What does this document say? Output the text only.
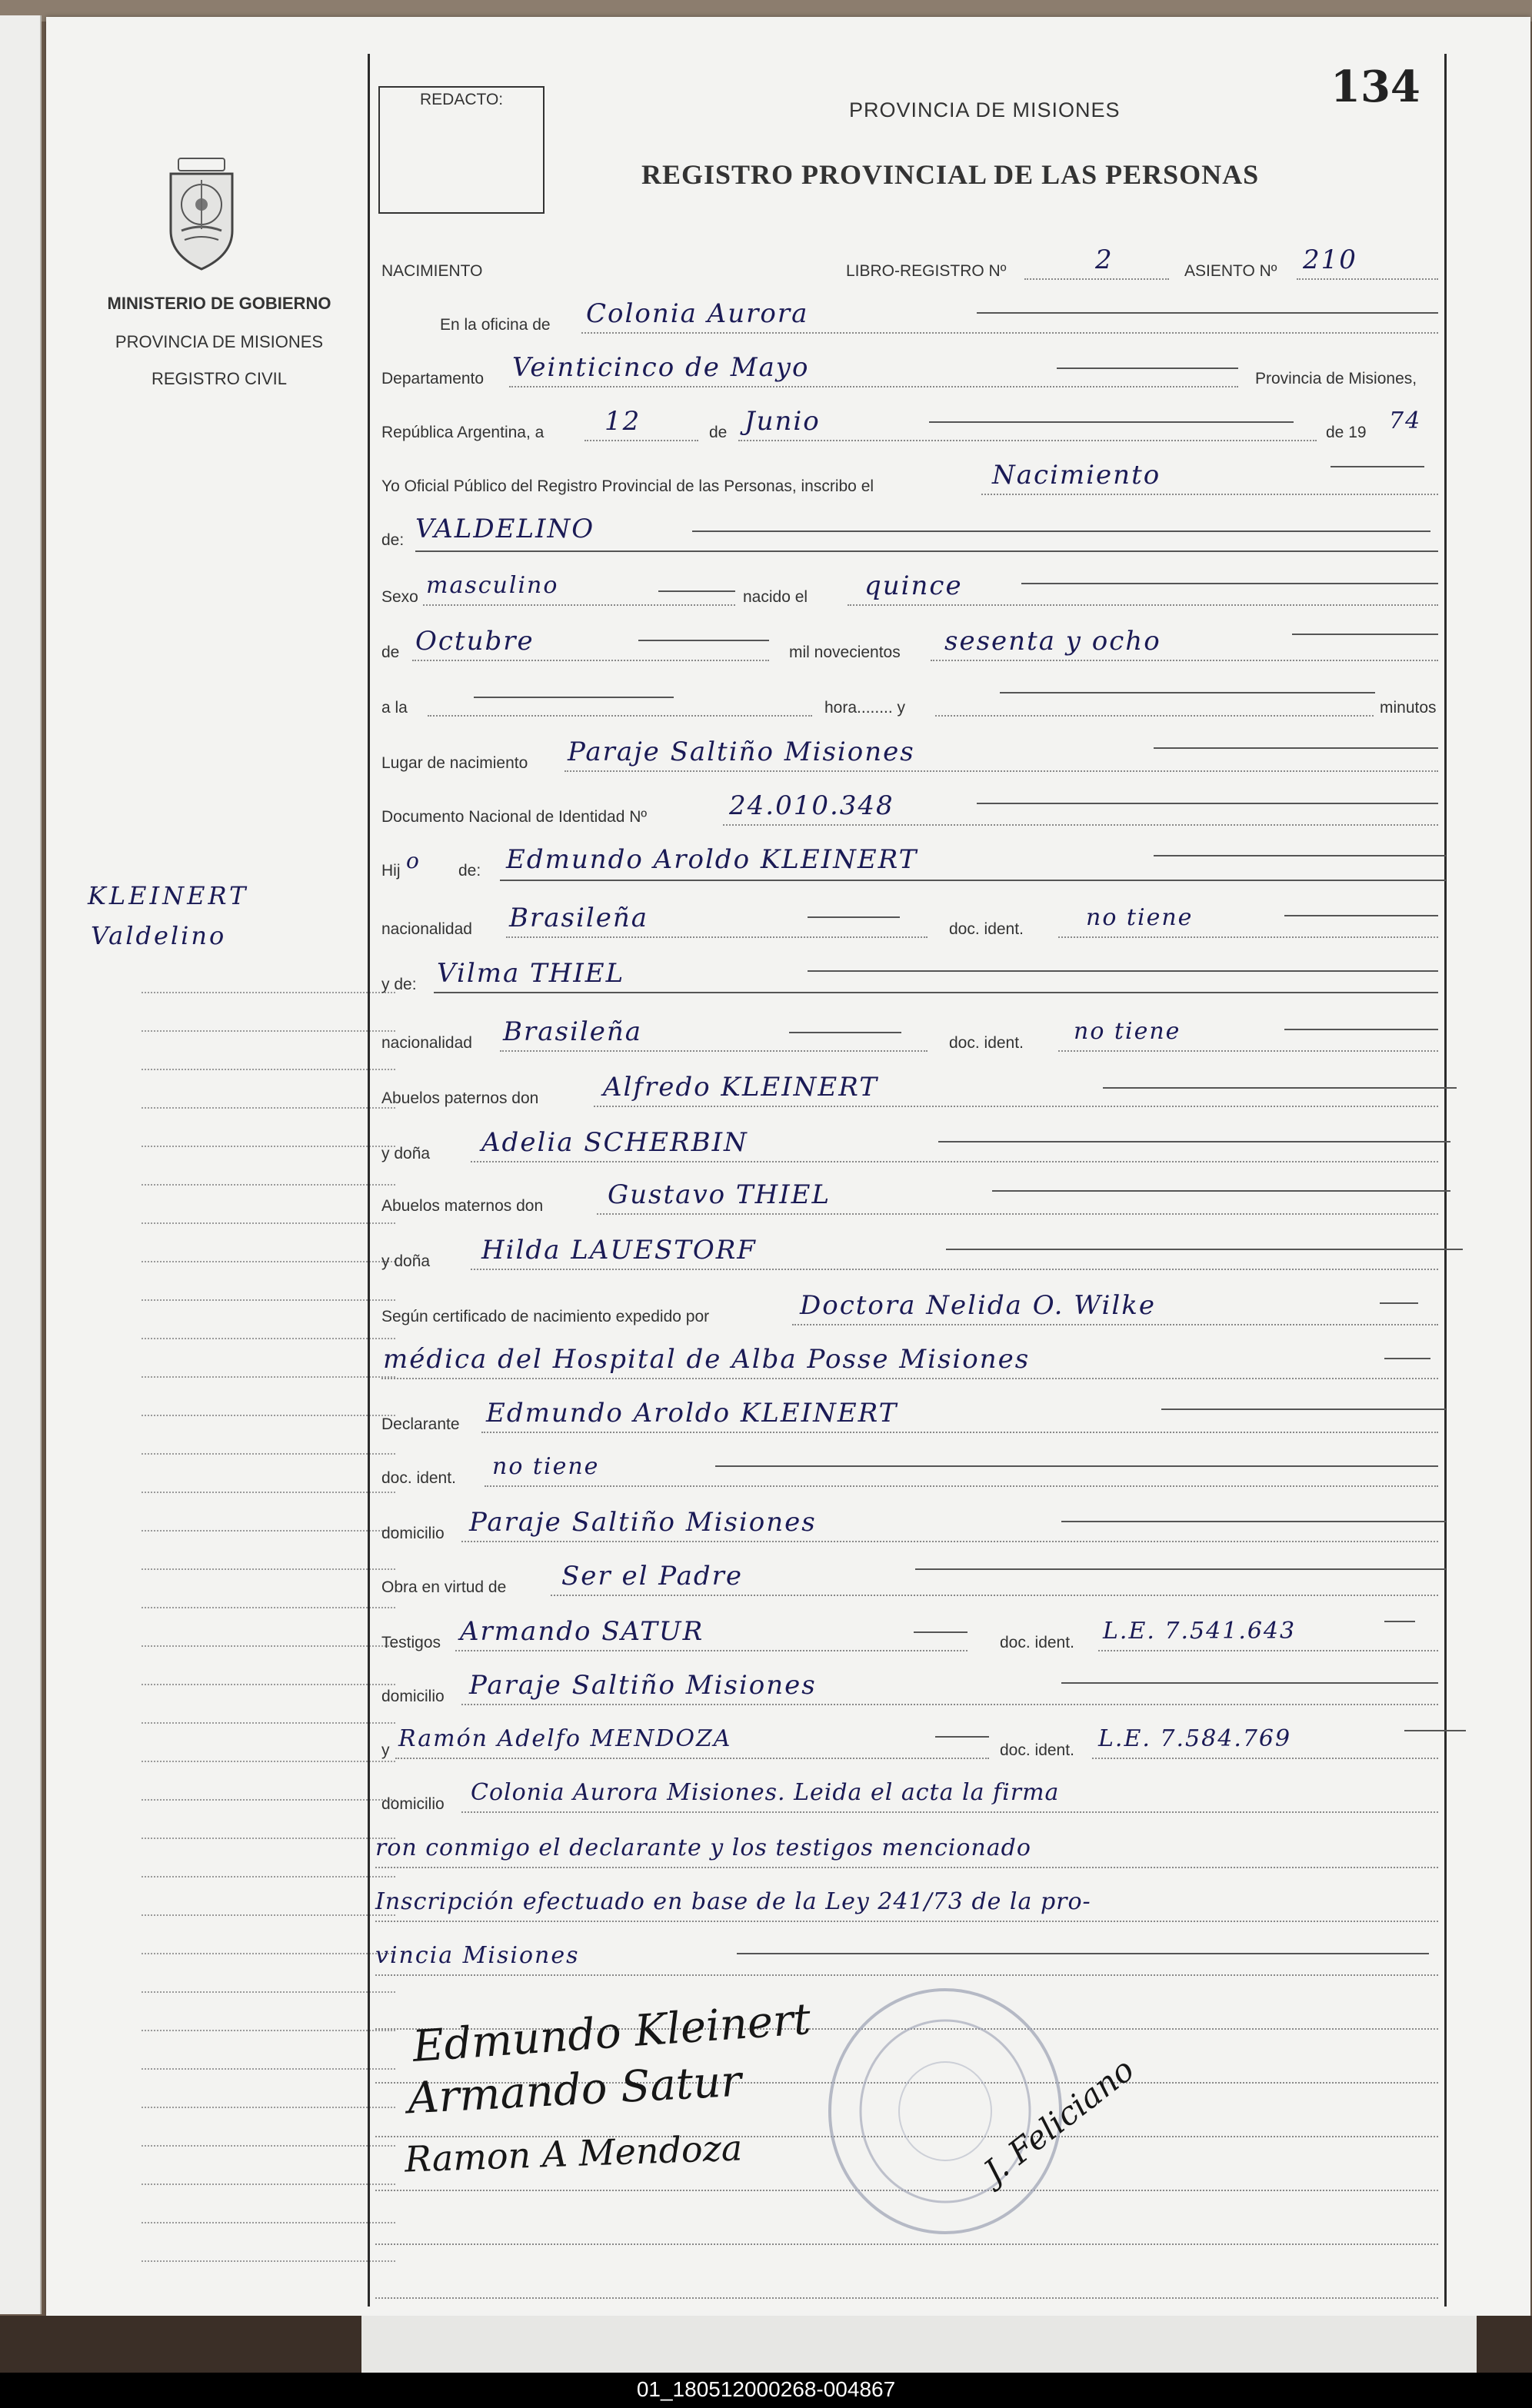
REDACTO:	134
PROVINCIA DE MISIONES
REGISTRO PROVINCIAL DE LAS PERSONAS
MINISTERIO DE GOBIERNO
PROVINCIA DE MISIONES
REGISTRO CIVIL
KLEINERT
Valdelino
NACIMIENTO	LIBRO-REGISTRO Nº	2	ASIENTO Nº 210
En la oficina de Colonia Aurora
Departamento Veinticinco de Mayo	Provincia de Misiones,
República Argentina, a 12	de Junio	de 19 74
Yo Oficial Público del Registro Provincial de las Personas, inscribo el	Nacimiento
de: VALDELINO
Sexo masculino	nacido el quince
de Octubre	mil novecientos sesenta y ocho
a la	hora........ y	minutos
Lugar de nacimiento Paraje Saltiño Misiones
Documento Nacional de Identidad Nº	24.010.348
Hij o de: Edmundo Aroldo KLEINERT
nacionalidad Brasileña	doc. ident.	no tiene
y de: Vilma THIEL
nacionalidad Brasileña	doc. ident. no tiene
Abuelos paternos don Alfredo KLEINERT
y doña Adelia SCHERBIN
Abuelos maternos don Gustavo THIEL
y doña Hilda LAUESTORF
Según certificado de nacimiento expedido por	Doctora Nelida O. Wilke
médica del Hospital de Alba Posse Misiones
Declarante Edmundo Aroldo KLEINERT
doc. ident. no tiene
domicilio Paraje Saltiño Misiones
Obra en virtud de Ser el Padre
Testigos Armando SATUR	doc. ident. L.E. 7.541.643
domicilio Paraje Saltiño Misiones
y Ramón Adelfo MENDOZA	doc. ident. L.E. 7.584.769
domicilio Colonia Aurora Misiones. Leida el acta la firma
ron conmigo el declarante y los testigos mencionado
Inscripción efectuado en base de la Ley 241/73 de la pro-
vincia Misiones
Edmundo Kleinert
Armando Satur
Ramon A Mendoza	J. Feliciano
01_180512000268-004867
